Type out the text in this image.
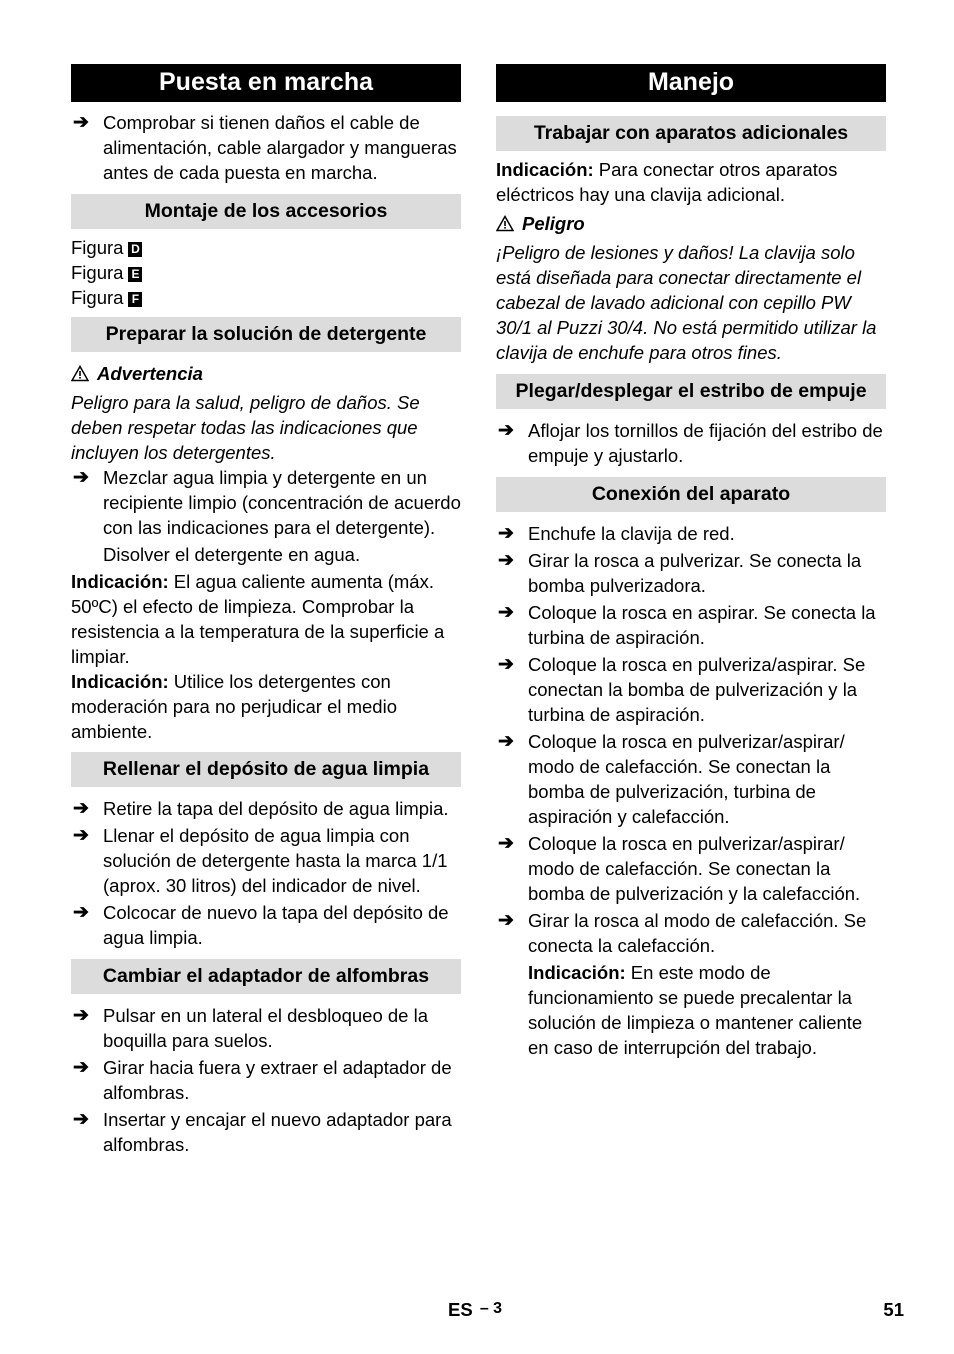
Puesta en marcha
➔ Comprobar si tienen daños el cable de alimentación, cable alargador y mangueras antes de cada puesta en marcha.
Montaje de los accesorios
Figura D
Figura E
Figura F
Preparar la solución de detergente
Advertencia
Peligro para la salud, peligro de daños. Se deben respetar todas las indicaciones que incluyen los detergentes.
➔ Mezclar agua limpia y detergente en un recipiente limpio (concentración de acuerdo con las indicaciones para el detergente).
Disolver el detergente en agua.
Indicación: El agua caliente aumenta (máx. 50ºC) el efecto de limpieza. Comprobar la resistencia a la temperatura de la superficie a limpiar.
Indicación: Utilice los detergentes con moderación para no perjudicar el medio ambiente.
Rellenar el depósito de agua limpia
➔ Retire la tapa del depósito de agua limpia.
➔ Llenar el depósito de agua limpia con solución de detergente hasta la marca 1/1 (aprox. 30 litros) del indicador de nivel.
➔ Colcocar de nuevo la tapa del depósito de agua limpia.
Cambiar el adaptador de alfombras
➔ Pulsar en un lateral el desbloqueo de la boquilla para suelos.
➔ Girar hacia fuera y extraer el adaptador de alfombras.
➔ Insertar y encajar el nuevo adaptador para alfombras.
Manejo
Trabajar con aparatos adicionales
Indicación: Para conectar otros aparatos eléctricos hay una clavija adicional.
Peligro
¡Peligro de lesiones y daños! La clavija solo está diseñada para conectar directamente el cabezal de lavado adicional con cepillo PW 30/1 al Puzzi 30/4. No está permitido utilizar la clavija de enchufe para otros fines.
Plegar/desplegar el estribo de empuje
➔ Aflojar los tornillos de fijación del estribo de empuje y ajustarlo.
Conexión del aparato
➔ Enchufe la clavija de red.
➔ Girar la rosca a pulverizar. Se conecta la bomba pulverizadora.
➔ Coloque la rosca en aspirar. Se conecta la turbina de aspiración.
➔ Coloque la rosca en pulveriza/aspirar. Se conectan la bomba de pulverización y la turbina de aspiración.
➔ Coloque la rosca en pulverizar/aspirar/ modo de calefacción. Se conectan la bomba de pulverización, turbina de aspiración y calefacción.
➔ Coloque la rosca en pulverizar/aspirar/ modo de calefacción. Se conectan la bomba de pulverización y la calefacción.
➔ Girar la rosca al modo de calefacción. Se conecta la calefacción.
Indicación: En este modo de funcionamiento se puede precalentar la solución de limpieza o mantener caliente en caso de interrupción del trabajo.
ES – 3	51
